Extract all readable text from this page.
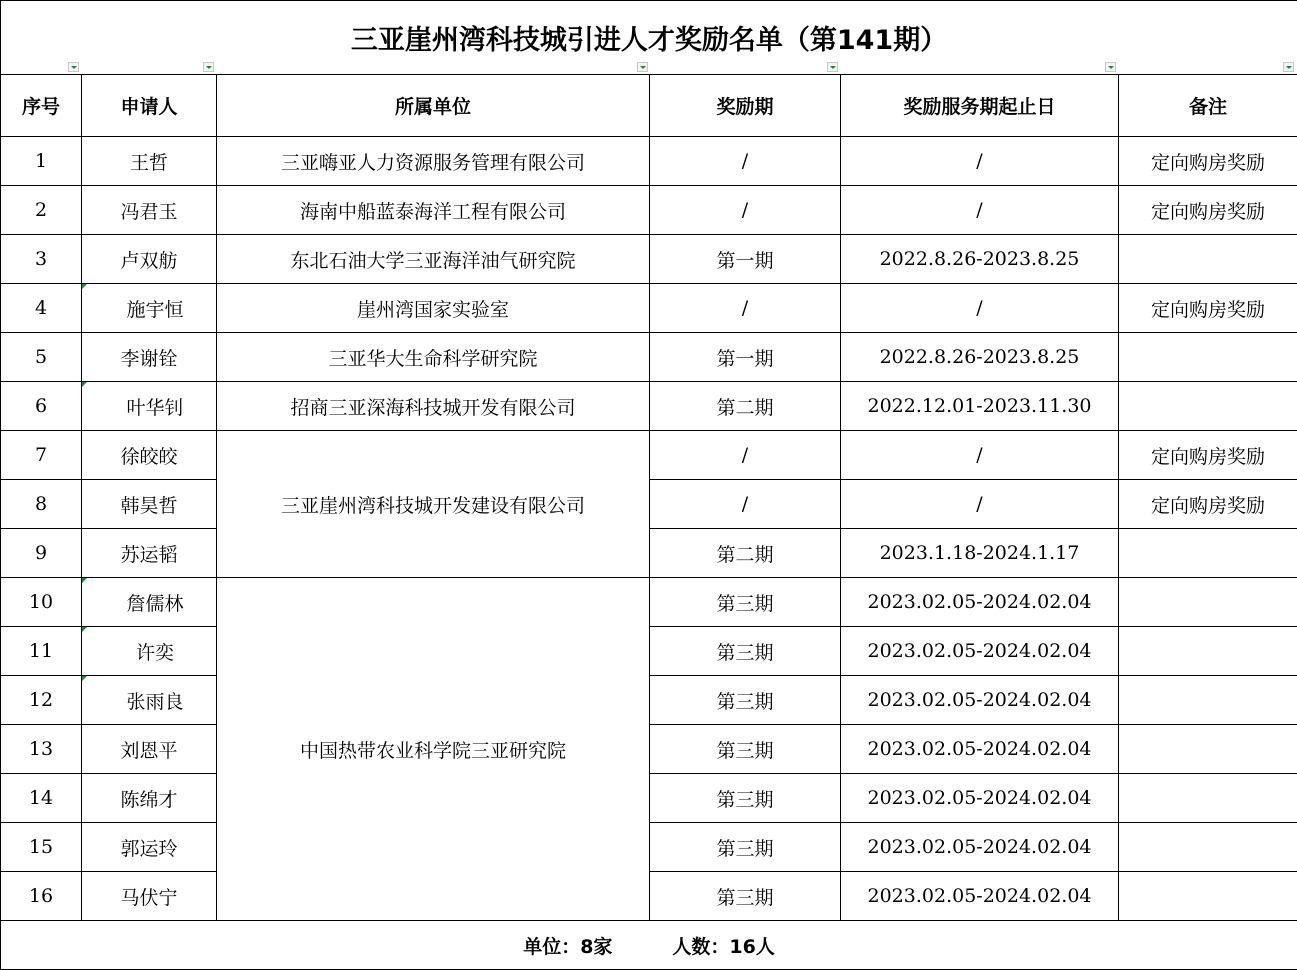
三亚崖州湾科技城引进人才奖励名单（第141期）					

序号	申请人	所属单位	奖励期	奖励服务期起止日	备注
1	王哲	三亚嗨亚人力资源服务管理有限公司	/	/	定向购房奖励
2	冯君玉	海南中船蓝泰海洋工程有限公司	/	/	定向购房奖励
3	卢双舫	东北石油大学三亚海洋油气研究院	第一期	2022.8.26-2023.8.25	
4	施宇恒	崖州湾国家实验室	/	/	定向购房奖励
5	李谢铨	三亚华大生命科学研究院	第一期	2022.8.26-2023.8.25	
6	叶华钊	招商三亚深海科技城开发有限公司	第二期	2022.12.01-2023.11.30	
7	徐皎皎	三亚崖州湾科技城开发建设有限公司	/	/	定向购房奖励
8	韩昊哲		/	/	定向购房奖励
9	苏运韬		第二期	2023.1.18-2024.1.17	
10	詹儒林	中国热带农业科学院三亚研究院	第三期	2023.02.05-2024.02.04	
11	许奕		第三期	2023.02.05-2024.02.04	
12	张雨良		第三期	2023.02.05-2024.02.04	
13	刘恩平		第三期	2023.02.05-2024.02.04	
14	陈绵才		第三期	2023.02.05-2024.02.04	
15	郭运玲		第三期	2023.02.05-2024.02.04	
16	马伏宁		第三期	2023.02.05-2024.02.04	
单位：8家 人数：16人					
